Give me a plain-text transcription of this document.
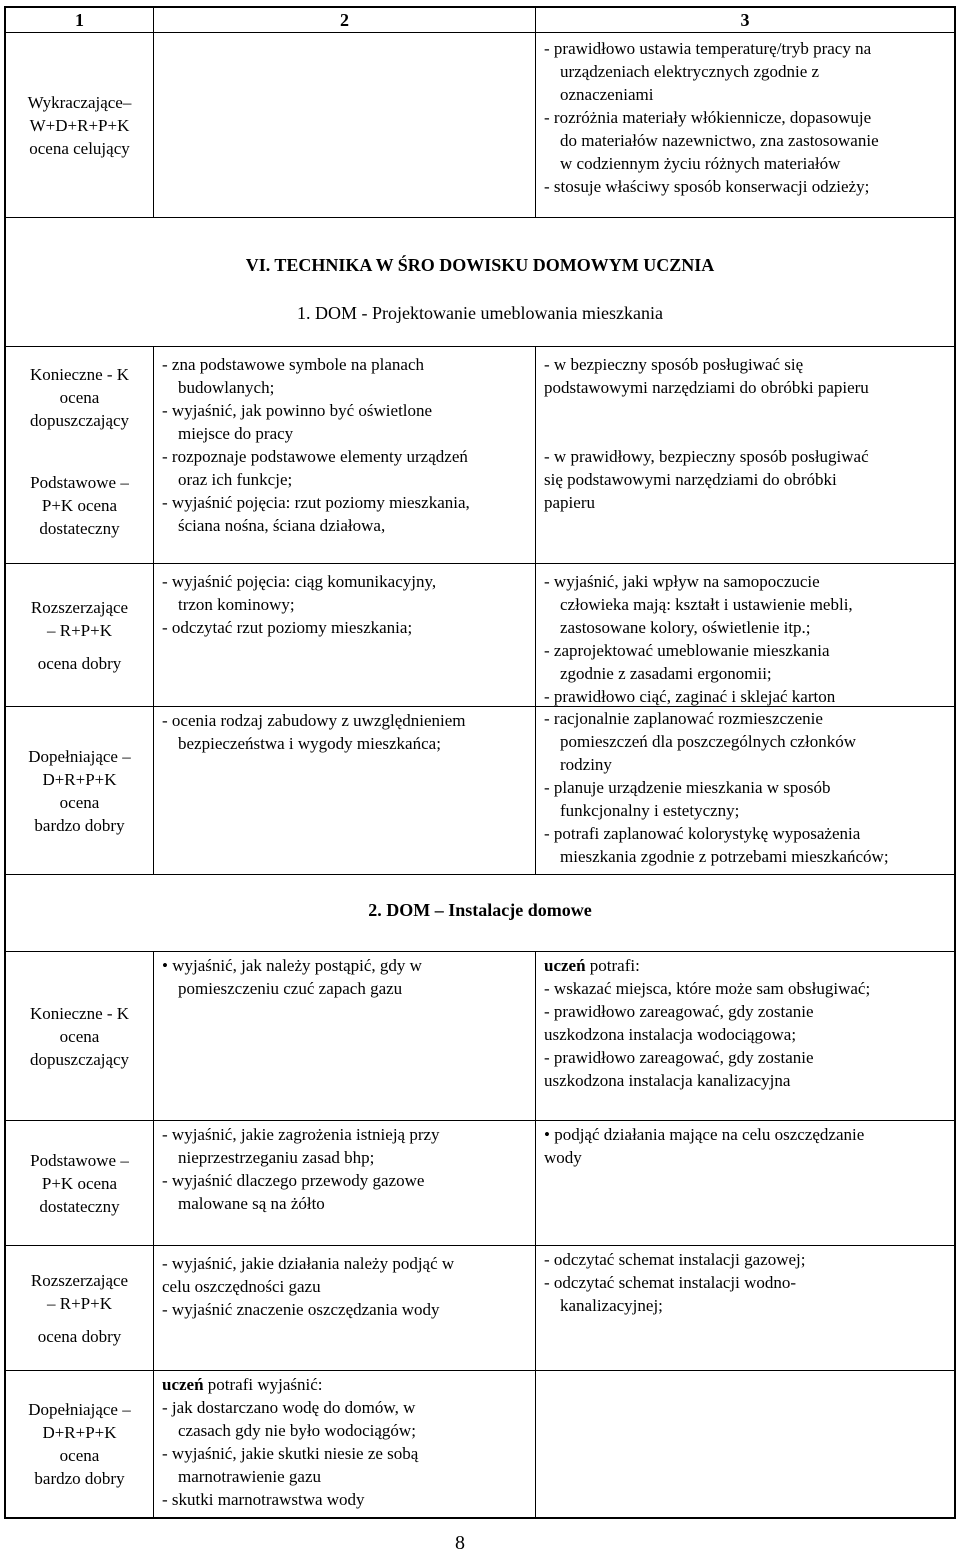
1	2	3
Wykraczające–
W+D+R+P+K
ocena celujący
- prawidłowo ustawia temperaturę/tryb pracy na
urządzeniach elektrycznych zgodnie z
oznaczeniami
- rozróżnia materiały włókiennicze, dopasowuje
do materiałów nazewnictwo, zna zastosowanie
w codziennym życiu różnych materiałów
- stosuje właściwy sposób konserwacji odzieży;
VI. TECHNIKA W ŚRO DOWISKU DOMOWYM UCZNIA
1. DOM - Projektowanie umeblowania mieszkania
Konieczne - K
ocena
dopuszczający
Podstawowe –
P+K ocena
dostateczny
- zna podstawowe symbole na planach
budowlanych;
- wyjaśnić, jak powinno być oświetlone
miejsce do pracy
- rozpoznaje podstawowe elementy urządzeń
oraz ich funkcje;
- wyjaśnić pojęcia: rzut poziomy mieszkania,
ściana nośna, ściana działowa,
- w bezpieczny sposób posługiwać się
podstawowymi narzędziami do obróbki papieru
- w prawidłowy, bezpieczny sposób posługiwać
się podstawowymi narzędziami do obróbki
papieru
Rozszerzające
– R+P+K
ocena dobry
Dopełniające –
D+R+P+K
ocena
bardzo dobry
- wyjaśnić pojęcia: ciąg komunikacyjny,
trzon kominowy;
- odczytać rzut poziomy mieszkania;
- ocenia rodzaj zabudowy z uwzględnieniem
bezpieczeństwa i wygody mieszkańca;
- wyjaśnić, jaki wpływ na samopoczucie
człowieka mają: kształt i ustawienie mebli,
zastosowane kolory, oświetlenie itp.;
- zaprojektować umeblowanie mieszkania
zgodnie z zasadami ergonomii;
- prawidłowo ciąć, zaginać i sklejać karton
- racjonalnie zaplanować rozmieszczenie
pomieszczeń dla poszczególnych członków
rodziny
- planuje urządzenie mieszkania w sposób
funkcjonalny i estetyczny;
- potrafi zaplanować kolorystykę wyposażenia
mieszkania zgodnie z potrzebami mieszkańców;
2. DOM – Instalacje domowe
Konieczne - K
ocena
dopuszczający
• wyjaśnić, jak należy postąpić, gdy w
pomieszczeniu czuć zapach gazu
uczeń potrafi:
- wskazać miejsca, które może sam obsługiwać;
- prawidłowo zareagować, gdy zostanie
uszkodzona instalacja wodociągowa;
- prawidłowo zareagować, gdy zostanie
uszkodzona instalacja kanalizacyjna
Podstawowe –
P+K ocena
dostateczny
- wyjaśnić, jakie zagrożenia istnieją przy
nieprzestrzeganiu zasad bhp;
- wyjaśnić dlaczego przewody gazowe
malowane są na żółto
• podjąć działania mające na celu oszczędzanie
wody
Rozszerzające
– R+P+K
ocena dobry
- wyjaśnić, jakie działania należy podjąć w
celu oszczędności gazu
- wyjaśnić znaczenie oszczędzania wody
- odczytać schemat instalacji gazowej;
- odczytać schemat instalacji wodno-
kanalizacyjnej;
Dopełniające –
D+R+P+K
ocena
bardzo dobry
uczeń potrafi wyjaśnić:
- jak dostarczano wodę do domów, w
czasach gdy nie było wodociągów;
- wyjaśnić, jakie skutki niesie ze sobą
marnotrawienie gazu
- skutki marnotrawstwa wody
8
